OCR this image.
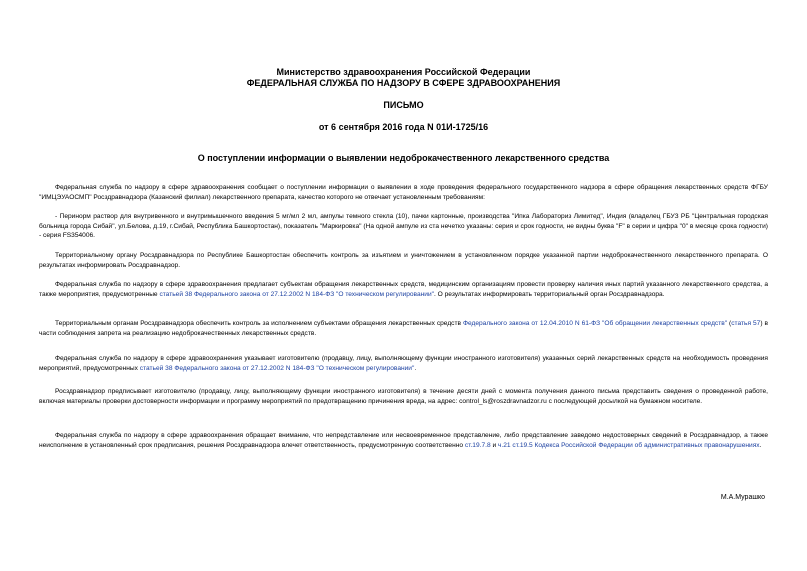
Министерство здравоохранения Российской Федерации
ФЕДЕРАЛЬНАЯ СЛУЖБА ПО НАДЗОРУ В СФЕРЕ ЗДРАВООХРАНЕНИЯ
ПИСЬМО
от 6 сентября 2016 года N 01И-1725/16
О поступлении информации о выявлении недоброкачественного лекарственного средства

Федеральная служба по надзору в сфере здравоохранения сообщает о поступлении информации о выявлении в ходе проведения федерального государственного надзора в сфере обращения лекарственных средств ФГБУ "ИМЦЭУАОСМП" Росздравнадзора (Казанский филиал) лекарственного препарата, качество которого не отвечает установленным требованиям:

- Перинорм раствор для внутривенного и внутримышечного введения 5 мг/мл 2 мл, ампулы темного стекла (10), пачки картонные, производства "Ипка Лабораториз Лимитед", Индия (владелец ГБУЗ РБ "Центральная городская больница города Сибай", ул.Белова, д.19, г.Сибай, Республика Башкортостан), показатель "Маркировка" (На одной ампуле из ста нечетко указаны: серия и срок годности, не видны буква "F" в серии и цифра "0" в месяце срока годности) - серия FS354006.

Территориальному органу Росздравнадзора по Республике Башкортостан обеспечить контроль за изъятием и уничтожением в установленном порядке указанной партии недоброкачественного лекарственного препарата. О результатах информировать Росздравнадзор.

Федеральная служба по надзору в сфере здравоохранения предлагает субъектам обращения лекарственных средств, медицинским организациям провести проверку наличия иных партий указанного лекарственного средства, а также мероприятия, предусмотренные статьей 38 Федерального закона от 27.12.2002 N 184-ФЗ "О техническом регулировании". О результатах информировать территориальный орган Росздравнадзора.

Территориальным органам Росздравнадзора обеспечить контроль за исполнением субъектами обращения лекарственных средств Федерального закона от 12.04.2010 N 61-ФЗ "Об обращении лекарственных средств" (статья 57) в части соблюдения запрета на реализацию недоброкачественных лекарственных средств.

Федеральная служба по надзору в сфере здравоохранения указывает изготовителю (продавцу, лицу, выполняющему функции иностранного изготовителя) указанных серий лекарственных средств на необходимость проведения мероприятий, предусмотренных статьей 38 Федерального закона от 27.12.2002 N 184-ФЗ "О техническом регулировании".

Росздравнадзор предписывает изготовителю (продавцу, лицу, выполняющему функции иностранного изготовителя) в течение десяти дней с момента получения данного письма представить сведения о проведенной работе, включая материалы проверки достоверности информации и программу мероприятий по предотвращению причинения вреда, на адрес: control_ls@roszdravnadzor.ru с последующей досылкой на бумажном носителе.

Федеральная служба по надзору в сфере здравоохранения обращает внимание, что непредставление или несвоевременное представление, либо представление заведомо недостоверных сведений в Росздравнадзор, а также неисполнение в установленный срок предписания, решения Росздравнадзора влечет ответственность, предусмотренную соответственно ст.19.7.8 и ч.21 ст.19.5 Кодекса Российской Федерации об административных правонарушениях.

М.А.Мурашко
